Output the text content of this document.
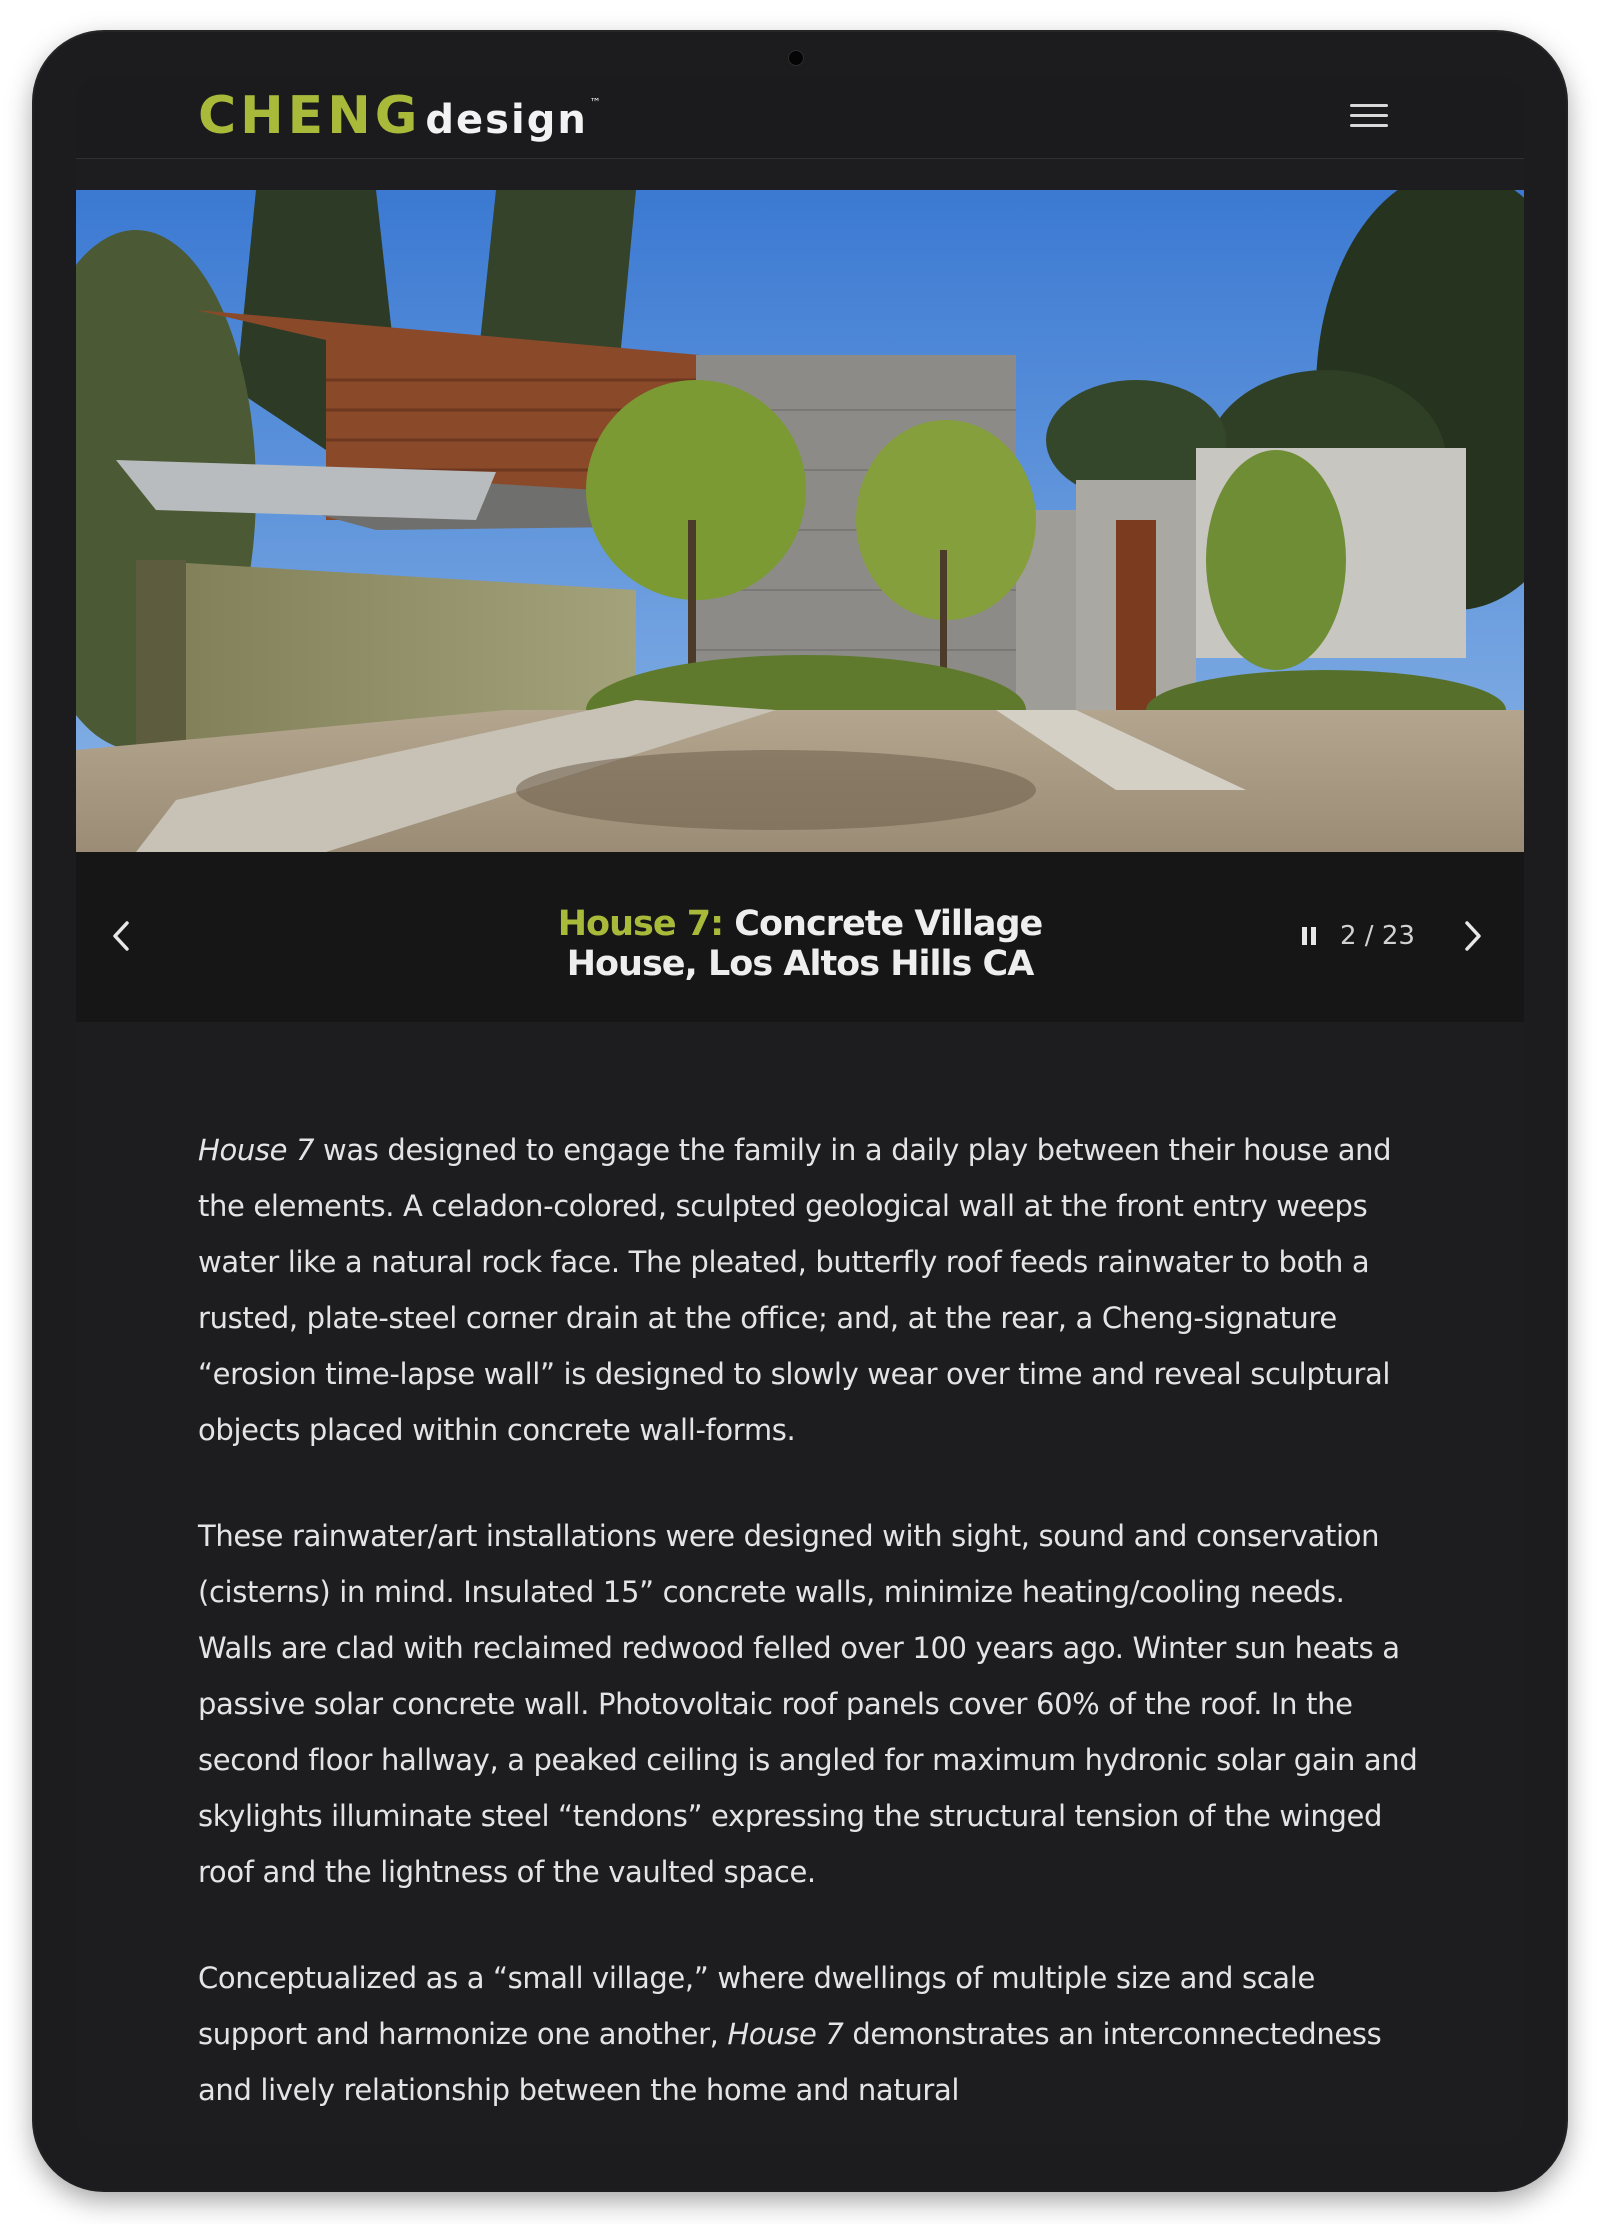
CHENG design ™
House 7: Concrete Village House, Los Altos Hills CA
2 / 23

House 7 was designed to engage the family in a daily play between their house and the elements. A celadon-colored, sculpted geological wall at the front entry weeps water like a natural rock face. The pleated, butterfly roof feeds rainwater to both a rusted, plate-steel corner drain at the office; and, at the rear, a Cheng-signature “erosion time-lapse wall” is designed to slowly wear over time and reveal sculptural objects placed within concrete wall-forms.

These rainwater/art installations were designed with sight, sound and conservation (cisterns) in mind. Insulated 15” concrete walls, minimize heating/cooling needs. Walls are clad with reclaimed redwood felled over 100 years ago. Winter sun heats a passive solar concrete wall. Photovoltaic roof panels cover 60% of the roof. In the second floor hallway, a peaked ceiling is angled for maximum hydronic solar gain and skylights illuminate steel “tendons” expressing the structural tension of the winged roof and the lightness of the vaulted space.

Conceptualized as a “small village,” where dwellings of multiple size and scale support and harmonize one another, House 7 demonstrates an interconnectedness and lively relationship between the home and natural
